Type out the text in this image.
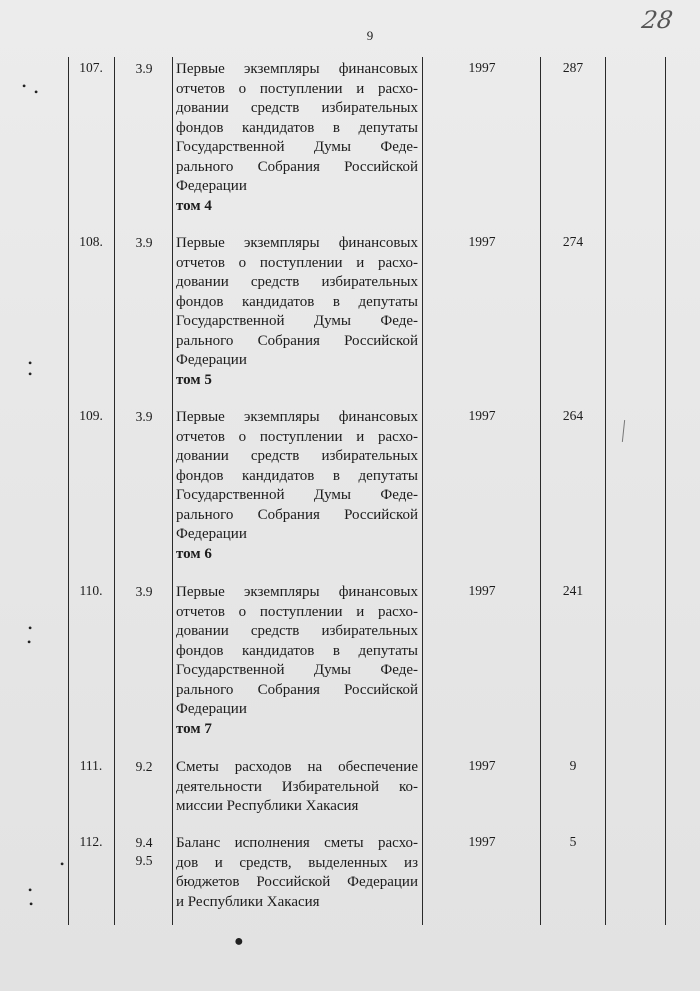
9
28
• •
•
•
•
•
•
•
•
●
107.	3.9	Первые экземпляры финансовых
отчетов о поступлении и расхо-
довании средств избирательных
фондов кандидатов в депутаты
Государственной Думы Феде-
рального Собрания Российской
Федерации
том 4
1997	287
108.	3.9	Первые экземпляры финансовых
отчетов о поступлении и расхо-
довании средств избирательных
фондов кандидатов в депутаты
Государственной Думы Феде-
рального Собрания Российской
Федерации
том 5
1997	274
109.	3.9	Первые экземпляры финансовых
отчетов о поступлении и расхо-
довании средств избирательных
фондов кандидатов в депутаты
Государственной Думы Феде-
рального Собрания Российской
Федерации
том 6
1997	264
110.	3.9	Первые экземпляры финансовых
отчетов о поступлении и расхо-
довании средств избирательных
фондов кандидатов в депутаты
Государственной Думы Феде-
рального Собрания Российской
Федерации
том 7
1997	241
111.	9.2	Сметы расходов на обеспечение
деятельности Избирательной ко-
миссии Республики Хакасия
1997	9
112.	9.4
9.5
Баланс исполнения сметы расхо-
дов и средств, выделенных из
бюджетов Российской Федерации
и Республики Хакасия
1997	5
